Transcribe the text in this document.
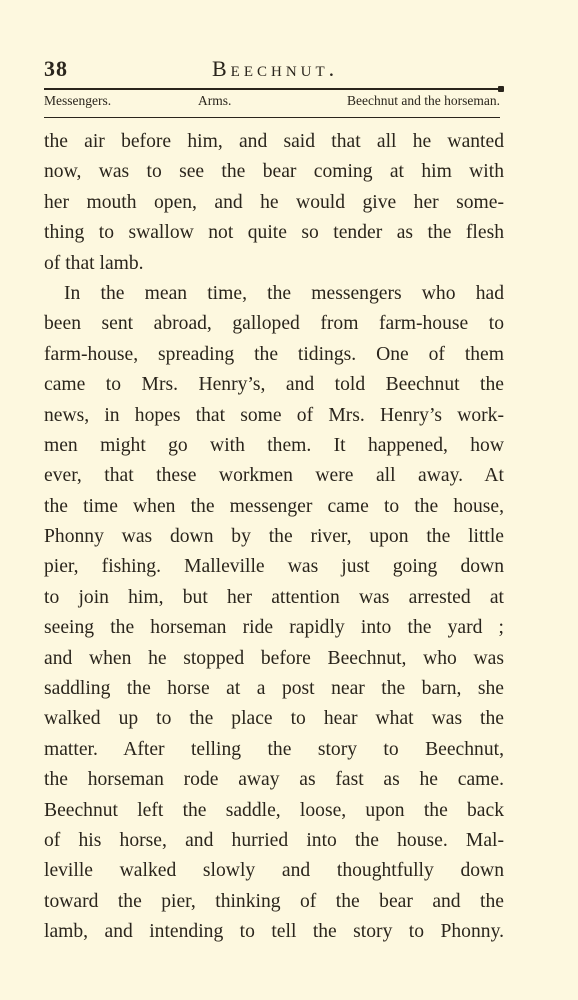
38	Beechnut.
Messengers.	Arms.	Beechnut and the horseman.
the air before him, and said that all he wanted
now, was to see the bear coming at him with
her mouth open, and he would give her some-
thing to swallow not quite so tender as the flesh
of that lamb.
In the mean time, the messengers who had
been sent abroad, galloped from farm-house to
farm-house, spreading the tidings. One of them
came to Mrs. Henry’s, and told Beechnut the
news, in hopes that some of Mrs. Henry’s work-
men might go with them. It happened, how
ever, that these workmen were all away. At
the time when the messenger came to the house,
Phonny was down by the river, upon the little
pier, fishing. Malleville was just going down
to join him, but her attention was arrested at
seeing the horseman ride rapidly into the yard ;
and when he stopped before Beechnut, who was
saddling the horse at a post near the barn, she
walked up to the place to hear what was the
matter. After telling the story to Beechnut,
the horseman rode away as fast as he came.
Beechnut left the saddle, loose, upon the back
of his horse, and hurried into the house. Mal-
leville walked slowly and thoughtfully down
toward the pier, thinking of the bear and the
lamb, and intending to tell the story to Phonny.
